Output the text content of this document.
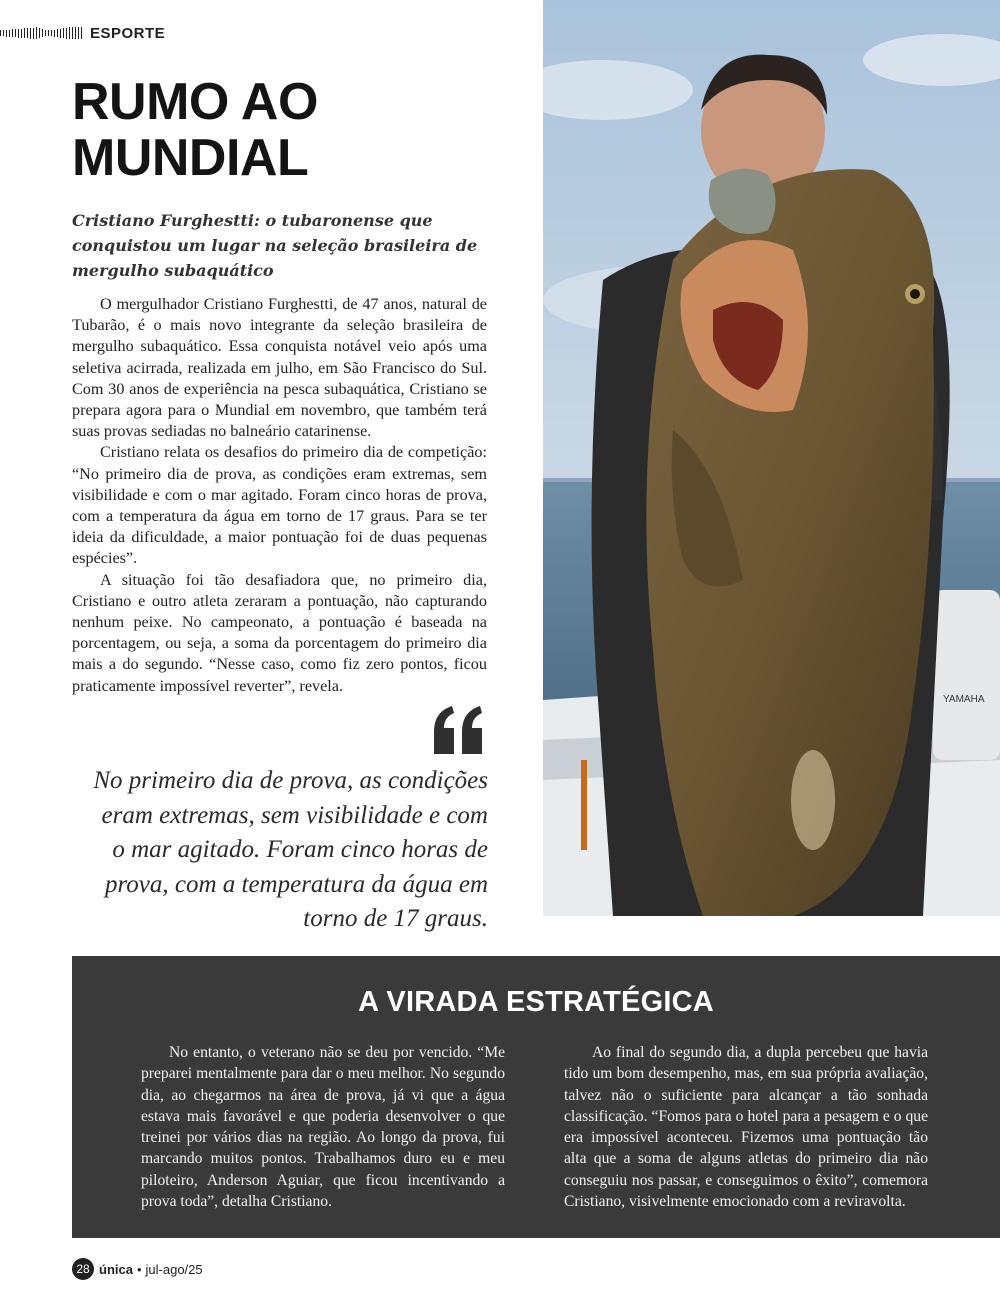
ESPORTE
RUMO AO
MUNDIAL

Cristiano Furghestti: o tubaronense que conquistou um lugar na seleção brasileira de mergulho subaquático

O mergulhador Cristiano Furghestti, de 47 anos, natural de Tubarão, é o mais novo integrante da seleção brasileira de mergulho subaquático. Essa conquista notável veio após uma seletiva acirrada, realizada em julho, em São Francisco do Sul. Com 30 anos de experiência na pesca subaquática, Cristiano se prepara agora para o Mundial em novembro, que também terá suas provas sediadas no balneário catarinense.

Cristiano relata os desafios do primeiro dia de competição: “No primeiro dia de prova, as condições eram extremas, sem visibilidade e com o mar agitado. Foram cinco horas de prova, com a temperatura da água em torno de 17 graus. Para se ter ideia da dificuldade, a maior pontuação foi de duas pequenas espécies”.

A situação foi tão desafiadora que, no primeiro dia, Cristiano e outro atleta zeraram a pontuação, não capturando nenhum peixe. No campeonato, a pontuação é baseada na porcentagem, ou seja, a soma da porcentagem do primeiro dia mais a do segundo. “Nesse caso, como fiz zero pontos, ficou praticamente impossível reverter”, revela.

No primeiro dia de prova, as condições eram extremas, sem visibilidade e com o mar agitado. Foram cinco horas de prova, com a temperatura da água em torno de 17 graus.

YAMAHA
A VIRADA ESTRATÉGICA

No entanto, o veterano não se deu por vencido. “Me preparei mentalmente para dar o meu melhor. No segundo dia, ao chegarmos na área de prova, já vi que a água estava mais favorável e que poderia desenvolver o que treinei por vários dias na região. Ao longo da prova, fui marcando muitos pontos. Trabalhamos duro eu e meu piloteiro, Anderson Aguiar, que ficou incentivando a prova toda”, detalha Cristiano.

Ao final do segundo dia, a dupla percebeu que havia tido um bom desempenho, mas, em sua própria avaliação, talvez não o suficiente para alcançar a tão sonhada classificação. “Fomos para o hotel para a pesagem e o que era impossível aconteceu. Fizemos uma pontuação tão alta que a soma de alguns atletas do primeiro dia não conseguiu nos passar, e conseguimos o êxito”, comemora Cristiano, visivelmente emocionado com a reviravolta.

28 única • jul-ago/25
